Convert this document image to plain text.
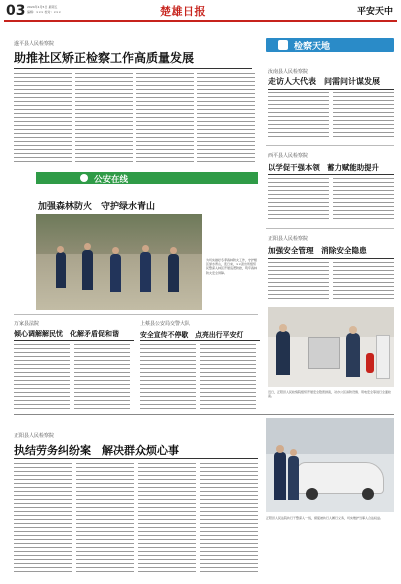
03 2024年1月5日 星期五
编辑：××× 校对：×××	楚雄日报	平安天中
遂平县人民检察院
助推社区矫正检察工作高质量发展
检察天地
汝南县人民检察院
走访人大代表　问需问计谋发展
西平县人民检察院
以学促干强本领　蓄力赋能助提升
正阳县人民检察院
加强安全管理　消除安全隐患
近日，正阳县人民检察院组织开展安全隐患排查，对办公区消防设施、用电安全等进行全面检查。
公安在线
加强森林防火　守护绿水青山
为切实做好冬季森林防火工作，守护辖区绿水青山，连日来，××派出所组织民警深入林区开展巡逻防控，筑牢森林防火安全屏障。
万家县法院
倾心调解解民忧　化解矛盾促和谐
上蔡县公安局交警大队
安全宣传不停歇　点亮出行平安灯
正阳县人民检察院
执结劳务纠纷案　解决群众烦心事
正阳县人民法院执行干警深入一线，督促被执行人履行义务，切实维护当事人合法权益。
